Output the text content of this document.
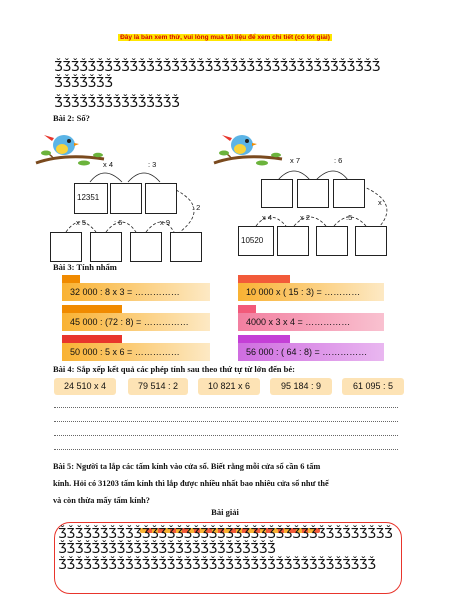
Đây là bản xem thử, vui lòng mua tài liệu để xem chi tiết (có lời giải)
ǮǮǮǮǮǮǮǮǮǮǮǮǮǮǮǮǮǮǮǮǮǮǮǮǮǮǮǮǮǮǮǮǮǮǮǮǮǮǮ
ǮǮǮǮǮǮǮ
ǮǮǮǮǮǮǮǮǮǮǮǮǮǮǮ
Bài 2: Số?
12351
x 4	: 3
: 2
x 5	: 6	x 9
x 7	: 6
x
10520
x 4	x 2	:5
Bài 3: Tính nhẩm
32 000 : 8 x 3 = ……………	10 000 x ( 15 : 3) = …………
45 000 : (72 : 8) = ……………	4000 x 3 x 4 = ……………
50 000 : 5 x 6 = ……………	56 000 : ( 64 : 8) = ……………
Bài 4: Sắp xếp kết quả các phép tính sau theo thứ tự từ lớn đến bé:
24 510 x 4	79 514 : 2	10 821 x 6	95 184 : 9	61 095 : 5
Bài 5: Người ta lắp các tấm kính vào cửa sổ. Biết rằng mỗi cửa sổ cần 6 tấm
kính. Hỏi có 31203 tấm kính thì lắp được nhiều nhất bao nhiêu cửa sổ như thế
và còn thừa mấy tấm kính?
Bài giải
ǮǮǮǮǮǮǮǮǮǮǮǮǮǮǮǮǮǮǮǮǮǮǮǮǮǮǮǮǮǮǮǮǮǮǮǮǮǮǮǮ
ǮǮǮǮǮǮǮǮǮǮǮǮǮǮǮǮǮǮǮǮǮǮǮǮǮǮ
ǮǮǮǮǮǮǮǮǮǮǮǮǮǮǮǮǮǮǮǮǮǮǮǮǮǮǮǮǮǮǮǮǮǮǮǮǮǮ
